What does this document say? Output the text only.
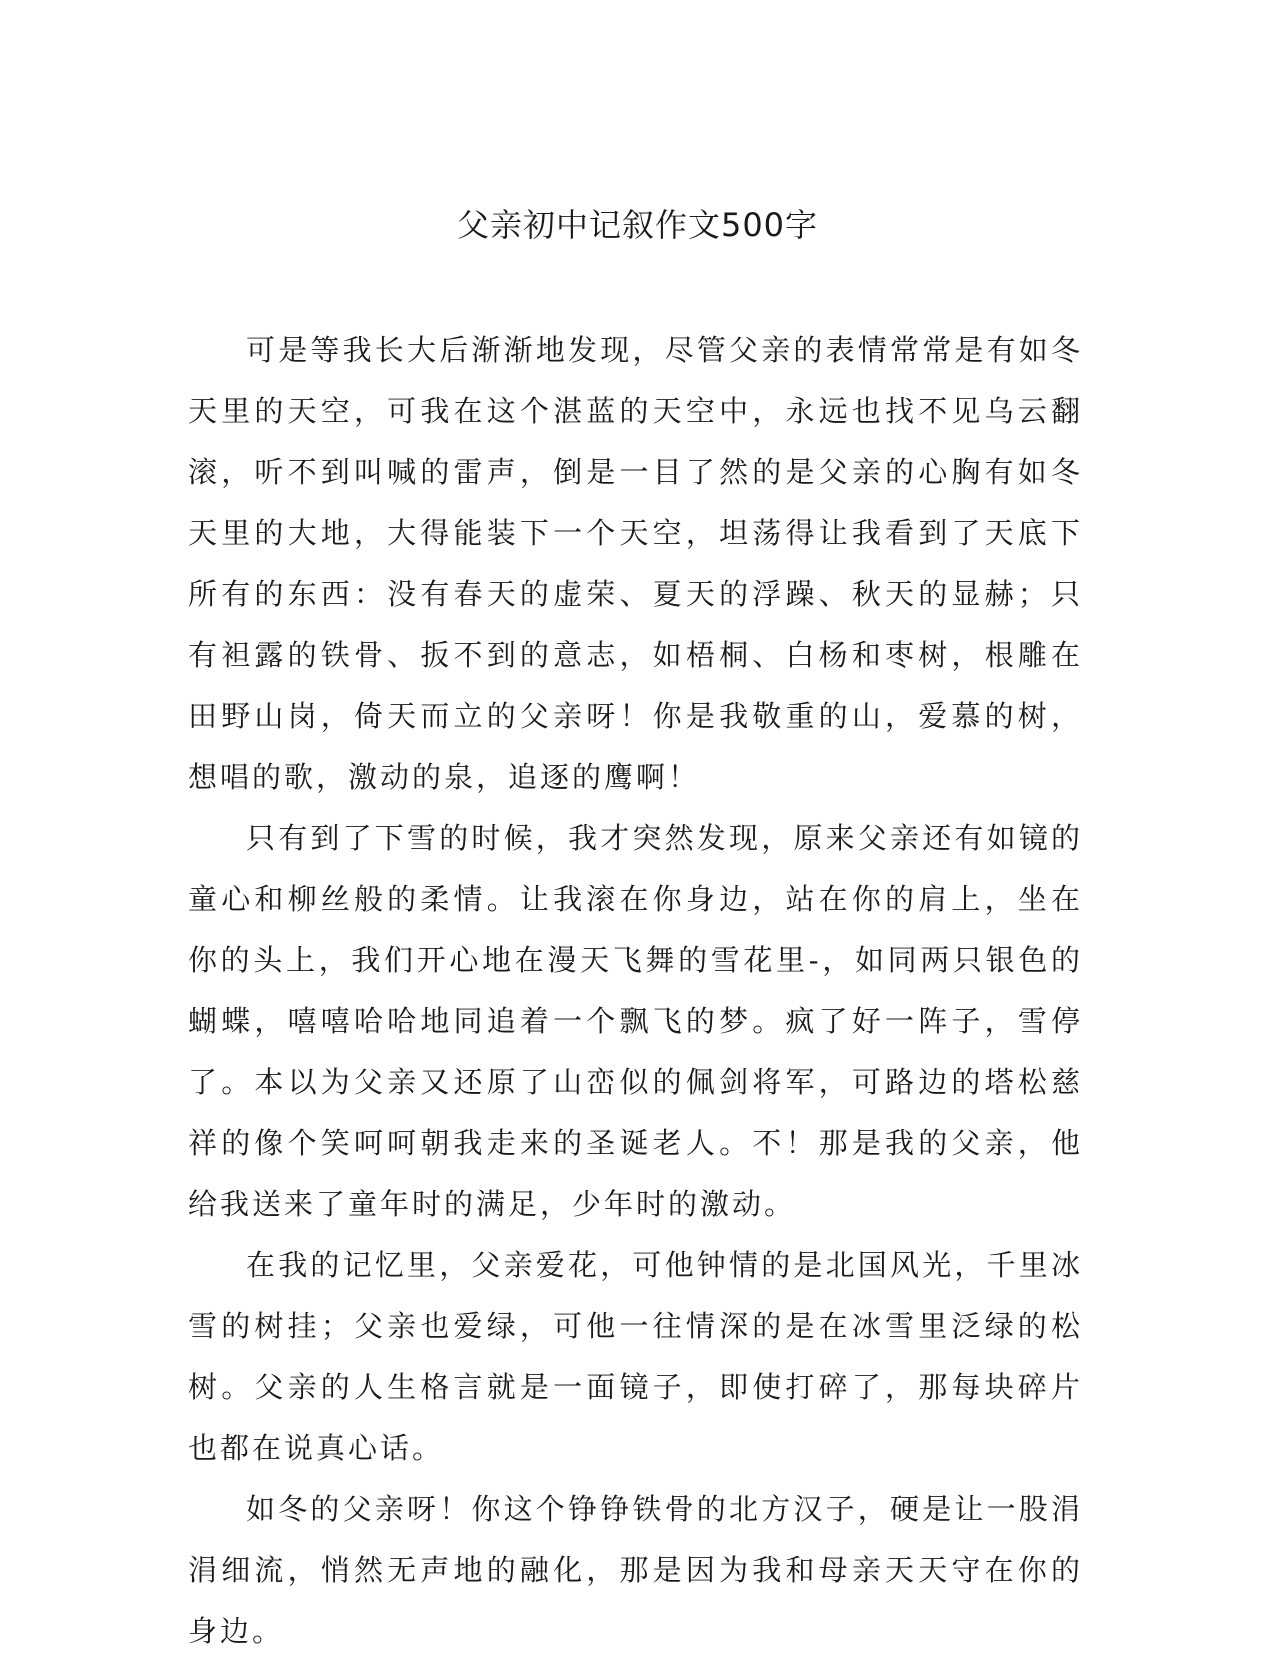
父亲初中记叙作文500字

可是等我长大后渐渐地发现，尽管父亲的表情常常是有如冬天里的天空，可我在这个湛蓝的天空中，永远也找不见乌云翻滚，听不到叫喊的雷声，倒是一目了然的是父亲的心胸有如冬天里的大地，大得能装下一个天空，坦荡得让我看到了天底下所有的东西：没有春天的虚荣、夏天的浮躁、秋天的显赫；只有袒露的铁骨、扳不到的意志，如梧桐、白杨和枣树，根雕在田野山岗，倚天而立的父亲呀！你是我敬重的山，爱慕的树，想唱的歌，激动的泉，追逐的鹰啊！

只有到了下雪的时候，我才突然发现，原来父亲还有如镜的童心和柳丝般的柔情。让我滚在你身边，站在你的肩上，坐在你的头上，我们开心地在漫天飞舞的雪花里-，如同两只银色的蝴蝶，嘻嘻哈哈地同追着一个飘飞的梦。疯了好一阵子，雪停了。本以为父亲又还原了山峦似的佩剑将军，可路边的塔松慈祥的像个笑呵呵朝我走来的圣诞老人。不！那是我的父亲，他给我送来了童年时的满足，少年时的激动。

在我的记忆里，父亲爱花，可他钟情的是北国风光，千里冰雪的树挂；父亲也爱绿，可他一往情深的是在冰雪里泛绿的松树。父亲的人生格言就是一面镜子，即使打碎了，那每块碎片也都在说真心话。

如冬的父亲呀！你这个铮铮铁骨的北方汉子，硬是让一股涓涓细流，悄然无声地的融化，那是因为我和母亲天天守在你的身边。
